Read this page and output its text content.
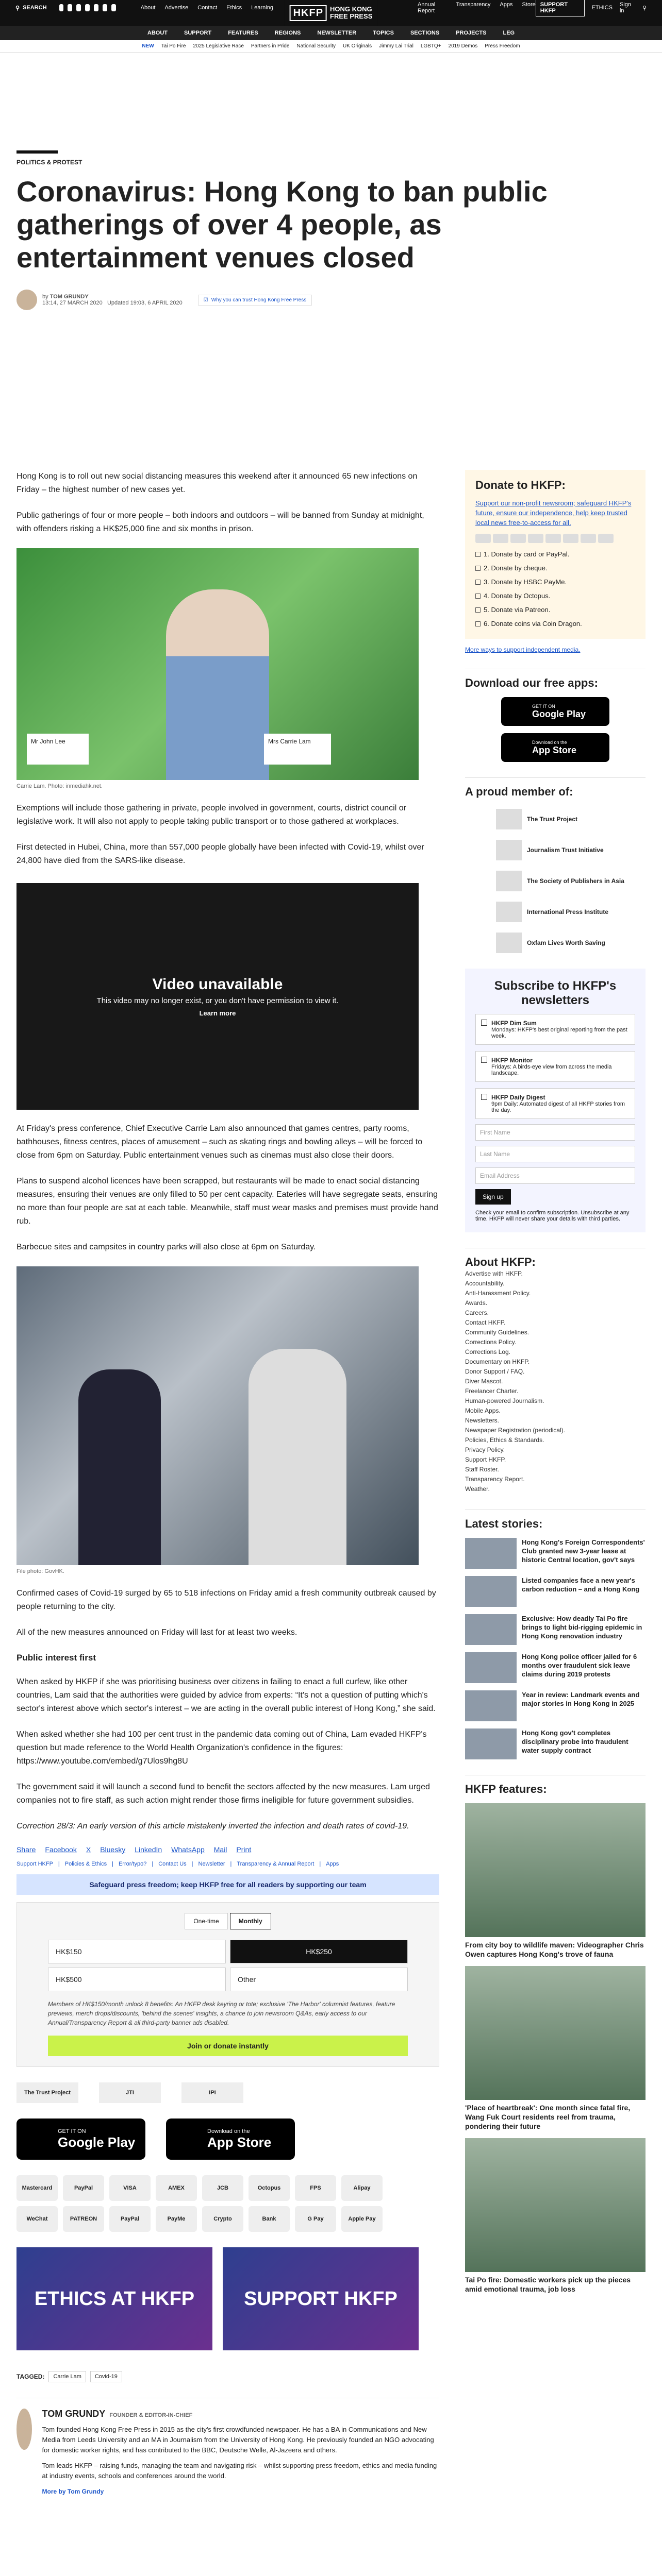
⚲ SEARCH	About Advertise Contact Ethics Learning	Annual Report
Transparency Apps Store
HKFP	HONG KONG
FREE PRESS
SUPPORT HKFP	ETHICS Sign in	⚲
ABOUT	SUPPORT	FEATURES	REGIONS	NEWSLETTER	TOPICS	SECTIONS	PROJECTS	LEG
NEW Tai Po Fire 2025 Legislative Race Partners in Pride National Security UK Originals Jimmy Lai Trial LGBTQ+ 2019 Demos Press Freedom
POLITICS & PROTEST
Coronavirus: Hong Kong to ban public gatherings of over 4 people, as entertainment venues closed
by TOM GRUNDY
13:14, 27 MARCH 2020 Updated 19:03, 6 APRIL 2020	☑ Why you can trust Hong Kong Free Press

Hong Kong is to roll out new social distancing measures this weekend after it announced 65 new infections on Friday – the highest number of new cases yet.

Public gatherings of four or more people – both indoors and outdoors – will be banned from Sunday at midnight, with offenders risking a HK$25,000 fine and six months in prison.

Mr John Lee	Mrs Carrie Lam
Carrie Lam. Photo: inmediahk.net.

Exemptions will include those gathering in private, people involved in government, courts, district council or legislative work. It will also not apply to people taking public transport or to those gathered at workplaces.

First detected in Hubei, China, more than 557,000 people globally have been infected with Covid-19, whilst over 24,800 have died from the SARS-like disease.

Video unavailable

This video may no longer exist, or you don't have permission to view it.

Learn more

At Friday's press conference, Chief Executive Carrie Lam also announced that games centres, party rooms, bathhouses, fitness centres, places of amusement – such as skating rings and bowling alleys – will be forced to close from 6pm on Saturday. Public entertainment venues such as cinemas must also close their doors.

Plans to suspend alcohol licences have been scrapped, but restaurants will be made to enact social distancing measures, ensuring their venues are only filled to 50 per cent capacity. Eateries will have segregate seats, ensuring no more than four people are sat at each table. Meanwhile, staff must wear masks and premises must provide hand rub.

Barbecue sites and campsites in country parks will also close at 6pm on Saturday.

File photo: GovHK.

Confirmed cases of Covid-19 surged by 65 to 518 infections on Friday amid a fresh community outbreak caused by people returning to the city.

All of the new measures announced on Friday will last for at least two weeks.

Public interest first

When asked by HKFP if she was prioritising business over citizens in failing to enact a full curfew, like other countries, Lam said that the authorities were guided by advice from experts: “It's not a question of putting which's sector's interest above which sector's interest – we are acting in the overall public interest of Hong Kong,” she said.

When asked whether she had 100 per cent trust in the pandemic data coming out of China, Lam evaded HKFP's question but made reference to the World Health Organization's confidence in the figures: https://www.youtube.com/embed/g7Ulos9hg8U

The government said it will launch a second fund to benefit the sectors affected by the new measures. Lam urged companies not to fire staff, as such action might render those firms ineligible for future government subsidies.

Correction 28/3: An early version of this article mistakenly inverted the infection and death rates of covid-19.

Share Facebook X Bluesky LinkedIn WhatsApp Mail Print
Support HKFP | Policies & Ethics | Error/typo? | Contact Us | Newsletter | Transparency & Annual Report | Apps
Safeguard press freedom; keep HKFP free for all readers by supporting our team
One-time	Monthly
HK$150	HK$250
HK$500	Other

Members of HK$150/month unlock 8 benefits: An HKFP desk keyring or tote; exclusive 'The Harbor' columnist features, feature previews, merch drops/discounts, 'behind the scenes' insights, a chance to join newsroom Q&As, early access to our Annual/Transparency Report & all third-party banner ads disabled.

Join or donate instantly
The Trust Project	JTI	IPI
GET IT ON
Google Play
Download on the
App Store
Mastercard	PayPal	VISA	AMEX	JCB	Octopus	FPS	Alipay
WeChat	PATREON	PayPal	PayMe	Crypto	Bank	G Pay	Apple Pay
ETHICS AT HKFP	SUPPORT HKFP
TAGGED:	Carrie Lam	Covid-19
TOM GRUNDY FOUNDER & EDITOR-IN-CHIEF

Tom founded Hong Kong Free Press in 2015 as the city's first crowdfunded newspaper. He has a BA in Communications and New Media from Leeds University and an MA in Journalism from the University of Hong Kong. He previously founded an NGO advocating for domestic worker rights, and has contributed to the BBC, Deutsche Welle, Al-Jazeera and others.

Tom leads HKFP – raising funds, managing the team and navigating risk – whilst supporting press freedom, ethics and media funding at industry events, schools and conferences around the world.

More by Tom Grundy

Donate to HKFP:

Support our non-profit newsroom; safeguard HKFP's future, ensure our independence, help keep trusted local news free-to-access for all.

1. Donate by card or PayPal.
2. Donate by cheque.
3. Donate by HSBC PayMe.
4. Donate by Octopus.
5. Donate via Patreon.
6. Donate coins via Coin Dragon.

More ways to support independent media.

Download our free apps:
GET IT ON
Google Play
Download on the
App Store
A proud member of:
The Trust Project
Journalism Trust Initiative
The Society of Publishers in Asia
International Press Institute
Oxfam Lives Worth Saving
Subscribe to HKFP's newsletters
HKFP Dim Sum
Mondays: HKFP's best original reporting from the past week.
HKFP Monitor
Fridays: A birds-eye view from across the media landscape.
HKFP Daily Digest
9pm Daily: Automated digest of all HKFP stories from the day.
First Name
Last Name
Email Address
Sign up

Check your email to confirm subscription. Unsubscribe at any time. HKFP will never share your details with third parties.

About HKFP:
Advertise with HKFP.
Accountability.
Anti-Harassment Policy.
Awards.
Careers.
Contact HKFP.
Community Guidelines.
Corrections Policy.
Corrections Log.
Documentary on HKFP.
Donor Support / FAQ.
Diver Mascot.
Freelancer Charter.
Human-powered Journalism.
Mobile Apps.
Newsletters.
Newspaper Registration (periodical).
Policies, Ethics & Standards.
Privacy Policy.
Support HKFP.
Staff Roster.
Transparency Report.
Weather.
Latest stories:

Hong Kong's Foreign Correspondents' Club granted new 3-year lease at historic Central location, gov't says

Listed companies face a new year's carbon reduction – and a Hong Kong

Exclusive: How deadly Tai Po fire brings to light bid-rigging epidemic in Hong Kong renovation industry

Hong Kong police officer jailed for 6 months over fraudulent sick leave claims during 2019 protests

Year in review: Landmark events and major stories in Hong Kong in 2025

Hong Kong gov't completes disciplinary probe into fraudulent water supply contract

HKFP features:

From city boy to wildlife maven: Videographer Chris Owen captures Hong Kong's trove of fauna

'Place of heartbreak': One month since fatal fire, Wang Fuk Court residents reel from trauma, pondering their future

Tai Po fire: Domestic workers pick up the pieces amid emotional trauma, job loss
